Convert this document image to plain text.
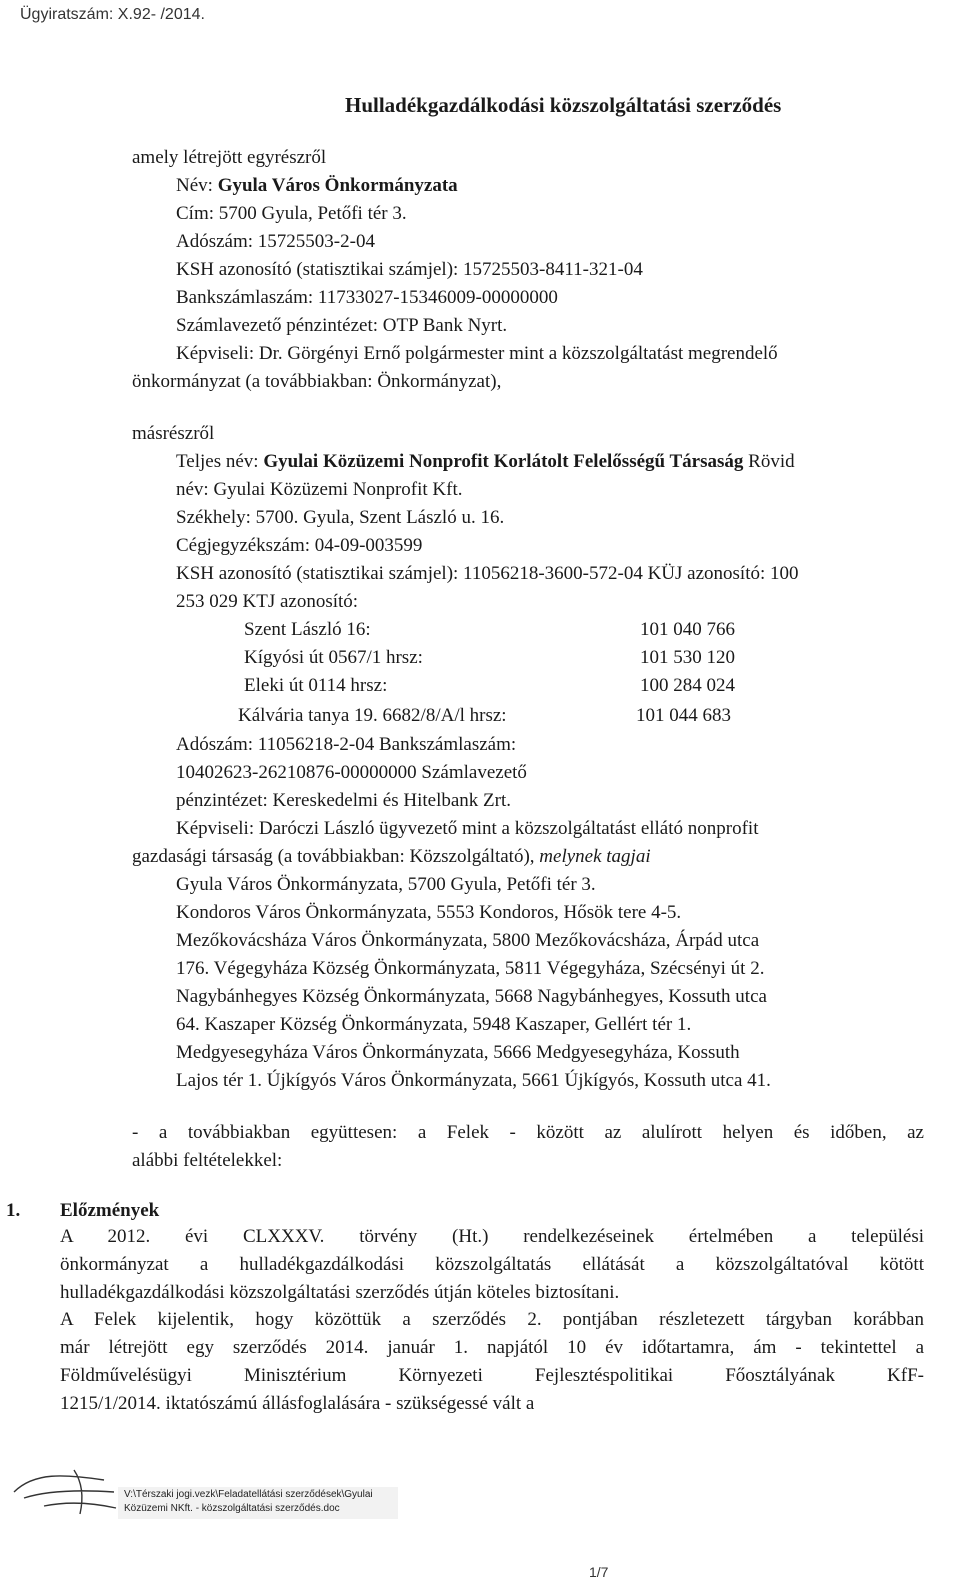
Ügyiratszám: X.92- /2014.
Hulladékgazdálkodási közszolgáltatási szerződés
amely létrejött egyrészről
Név: Gyula Város Önkormányzata
Cím: 5700 Gyula, Petőfi tér 3.
Adószám: 15725503-2-04
KSH azonosító (statisztikai számjel): 15725503-8411-321-04
Bankszámlaszám: 11733027-15346009-00000000
Számlavezető pénzintézet: OTP Bank Nyrt.
Képviseli: Dr. Görgényi Ernő polgármester mint a közszolgáltatást megrendelő
önkormányzat (a továbbiakban: Önkormányzat),
másrészről
Teljes név: Gyulai Közüzemi Nonprofit Korlátolt Felelősségű Társaság Rövid
név: Gyulai Közüzemi Nonprofit Kft.
Székhely: 5700. Gyula, Szent László u. 16.
Cégjegyzékszám: 04-09-003599
KSH azonosító (statisztikai számjel): 11056218-3600-572-04 KÜJ azonosító: 100
253 029 KTJ azonosító:
Szent László 16:	101 040 766
Kígyósi út 0567/1 hrsz:	101 530 120
Eleki út 0114 hrsz:	100 284 024
Kálvária tanya 19. 6682/8/A/l hrsz:	101 044 683
Adószám: 11056218-2-04 Bankszámlaszám:
10402623-26210876-00000000 Számlavezető
pénzintézet: Kereskedelmi és Hitelbank Zrt.
Képviseli: Daróczi László ügyvezető mint a közszolgáltatást ellátó nonprofit
gazdasági társaság (a továbbiakban: Közszolgáltató), melynek tagjai
Gyula Város Önkormányzata, 5700 Gyula, Petőfi tér 3.
Kondoros Város Önkormányzata, 5553 Kondoros, Hősök tere 4-5.
Mezőkovácsháza Város Önkormányzata, 5800 Mezőkovácsháza, Árpád utca
176. Végegyháza Község Önkormányzata, 5811 Végegyháza, Szécsényi út 2.
Nagybánhegyes Község Önkormányzata, 5668 Nagybánhegyes, Kossuth utca
64. Kaszaper Község Önkormányzata, 5948 Kaszaper, Gellért tér 1.
Medgyesegyháza Város Önkormányzata, 5666 Medgyesegyháza, Kossuth
Lajos tér 1. Újkígyós Város Önkormányzata, 5661 Újkígyós, Kossuth utca 41.
- a továbbiakban együttesen: a Felek - között az alulírott helyen és időben, az
alábbi feltételekkel:
1. Előzmények
A 2012. évi CLXXXV. törvény (Ht.) rendelkezéseinek értelmében a települési
önkormányzat a hulladékgazdálkodási közszolgáltatás ellátását a közszolgáltatóval kötött
hulladékgazdálkodási közszolgáltatási szerződés útján köteles biztosítani.
A Felek kijelentik, hogy közöttük a szerződés 2. pontjában részletezett tárgyban korábban
már létrejött egy szerződés 2014. január 1. napjától 10 év időtartamra, ám - tekintettel a
Földművelésügyi Minisztérium Környezeti Fejlesztéspolitikai Főosztályának KfF-
1215/1/2014. iktatószámú állásfoglalására - szükségessé vált a
V:\Térszaki jogi.vezk\Feladatellátási szerződések\Gyulai
Közüzemi NKft. - közszolgáltatási szerződés.doc
1/7
